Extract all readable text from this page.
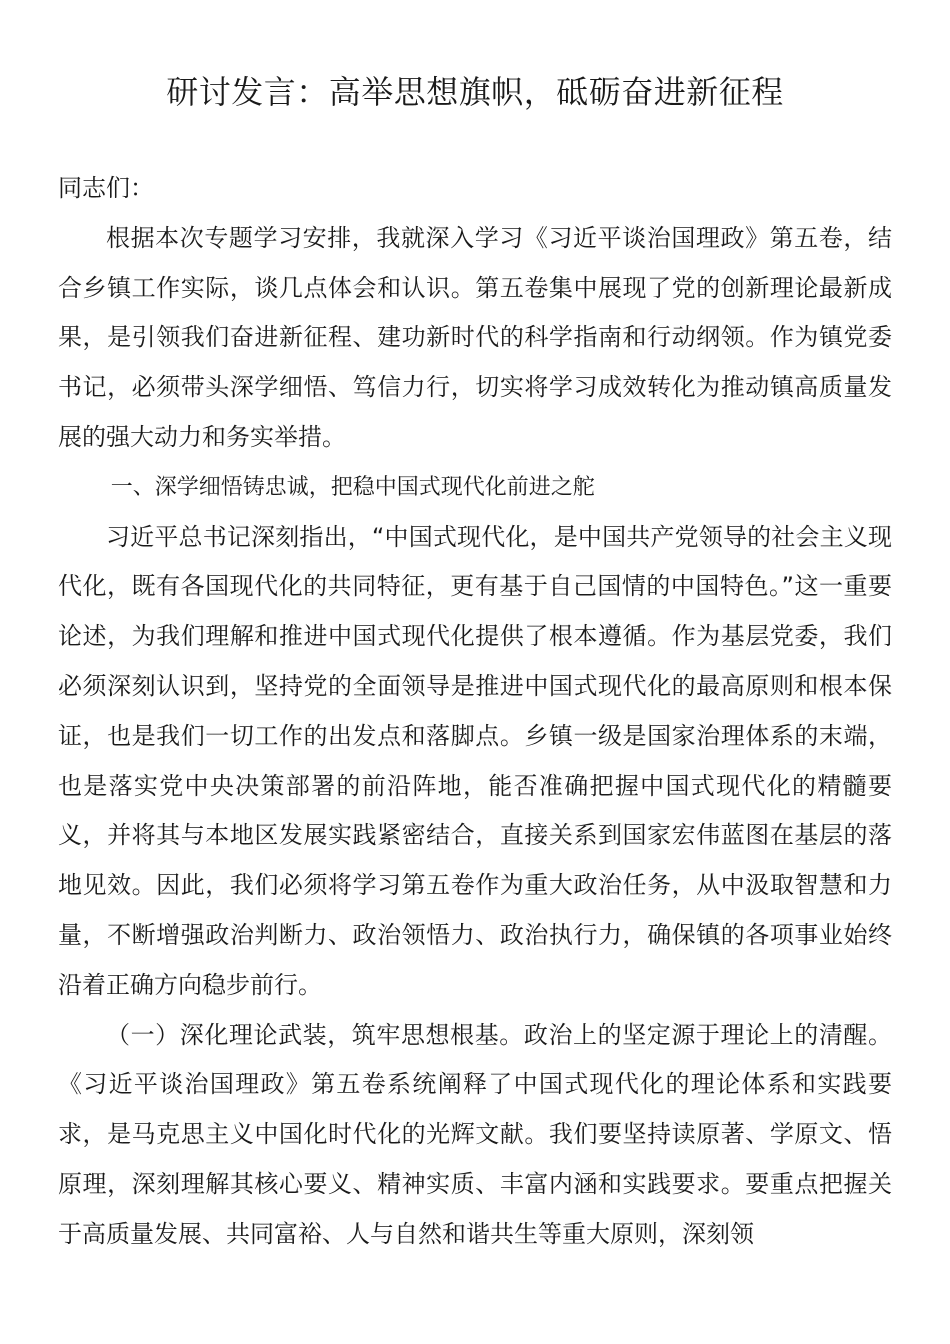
研讨发言：高举思想旗帜，砥砺奋进新征程
同志们：

根据本次专题学习安排，我就深入学习《习近平谈治国理政》第五卷，结合乡镇工作实际，谈几点体会和认识。第五卷集中展现了党的创新理论最新成果，是引领我们奋进新征程、建功新时代的科学指南和行动纲领。作为镇党委书记，必须带头深学细悟、笃信力行，切实将学习成效转化为推动镇高质量发展的强大动力和务实举措。

一、深学细悟铸忠诚，把稳中国式现代化前进之舵

习近平总书记深刻指出，“中国式现代化，是中国共产党领导的社会主义现代化，既有各国现代化的共同特征，更有基于自己国情的中国特色。”这一重要论述，为我们理解和推进中国式现代化提供了根本遵循。作为基层党委，我们必须深刻认识到，坚持党的全面领导是推进中国式现代化的最高原则和根本保证，也是我们一切工作的出发点和落脚点。乡镇一级是国家治理体系的末端，也是落实党中央决策部署的前沿阵地，能否准确把握中国式现代化的精髓要义，并将其与本地区发展实践紧密结合，直接关系到国家宏伟蓝图在基层的落地见效。因此，我们必须将学习第五卷作为重大政治任务，从中汲取智慧和力量，不断增强政治判断力、政治领悟力、政治执行力，确保镇的各项事业始终沿着正确方向稳步前行。

（一）深化理论武装，筑牢思想根基。政治上的坚定源于理论上的清醒。《习近平谈治国理政》第五卷系统阐释了中国式现代化的理论体系和实践要求，是马克思主义中国化时代化的光辉文献。我们要坚持读原著、学原文、悟原理，深刻理解其核心要义、精神实质、丰富内涵和实践要求。要重点把握关于高质量发展、共同富裕、人与自然和谐共生等重大原则，深刻领
